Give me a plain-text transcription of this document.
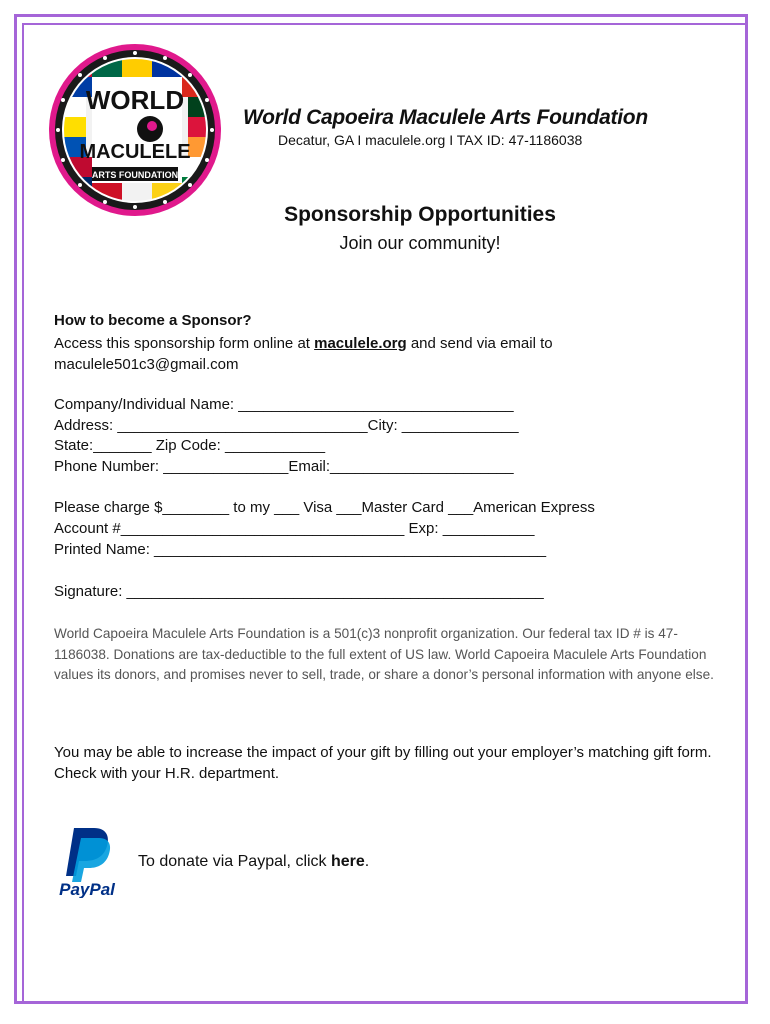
WORLD
MACULELE
ARTS FOUNDATION
World Capoeira Maculele Arts Foundation
Decatur, GA I maculele.org I TAX ID: 47-1186038
Sponsorship Opportunities
Join our community!
How to become a Sponsor?
Access this sponsorship form online at maculele.org and send via email to maculele501c3@gmail.com
Company/Individual Name: _________________________________
Address: ______________________________City: ______________
State:_______ Zip Code: ____________
Phone Number: _______________Email:______________________
Please charge $________ to my ___ Visa ___Master Card ___American Express
Account #__________________________________ Exp: ___________
Printed Name: _______________________________________________
Signature: __________________________________________________
World Capoeira Maculele Arts Foundation is a 501(c)3 nonprofit organization. Our federal tax ID # is 47-1186038. Donations are tax-deductible to the full extent of US law. World Capoeira Maculele Arts Foundation values its donors, and promises never to sell, trade, or share a donor’s personal information with anyone else.
You may be able to increase the impact of your gift by filling out your employer’s matching gift form. Check with your H.R. department.
PayPal
To donate via Paypal, click here.
